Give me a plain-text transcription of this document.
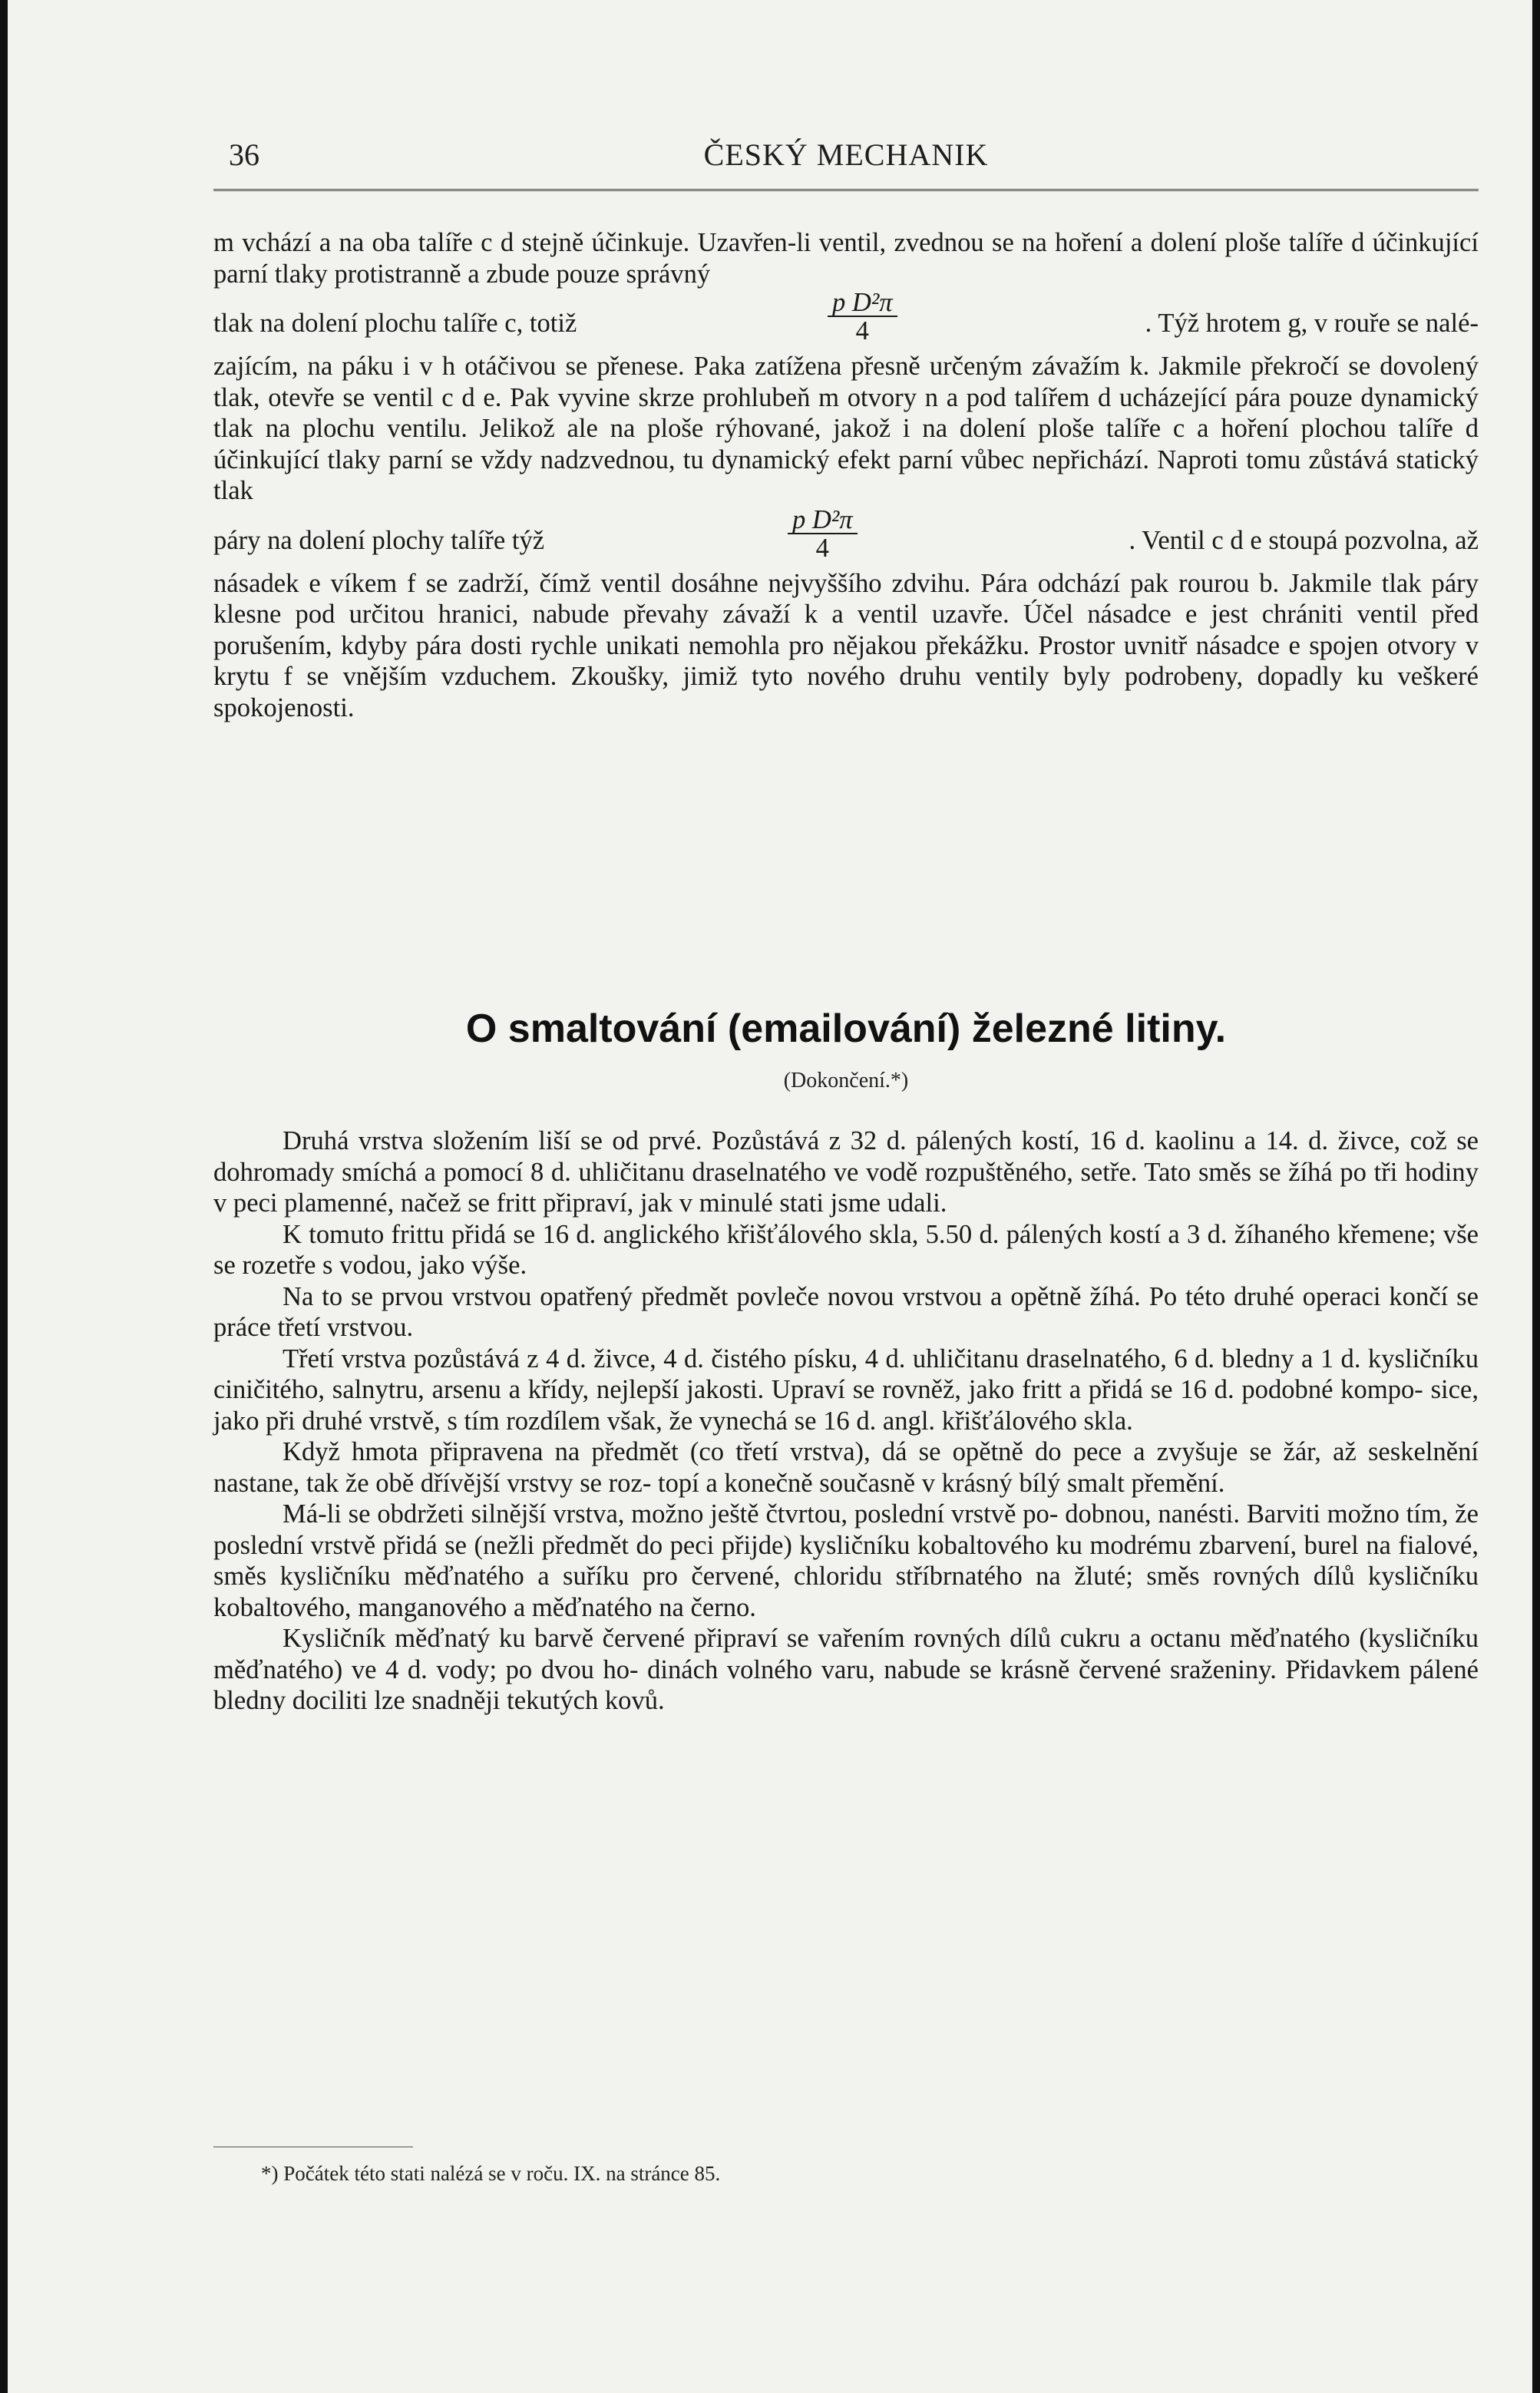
36	ČESKÝ MECHANIK

m vchází a na oba talíře c d stejně účinkuje. Uzavřen-li ventil, zvednou se na hoření a dolení ploše talíře d účinkující parní tlaky protistranně a zbude pouze správný

tlak na dolení plochu talíře c, totiž
p D²π
4	. Týž hrotem g, v rouře se nalé-

zajícím, na páku i v h otáčivou se přenese. Paka zatížena přesně určeným závažím k. Jakmile překročí se dovolený tlak, otevře se ventil c d e. Pak vyvine skrze prohlubeň m otvory n a pod talířem d ucházející pára pouze dynamický tlak na plochu ventilu. Jelikož ale na ploše rýhované, jakož i na dolení ploše talíře c a hoření plochou talíře d účinkující tlaky parní se vždy nadzvednou, tu dynamický efekt parní vůbec nepřichází. Naproti tomu zůstává statický tlak

páry na dolení plochy talíře týž
p D²π
4	. Ventil c d e stoupá pozvolna, až

násadek e víkem f se zadrží, čímž ventil dosáhne nejvyššího zdvihu. Pára odchází pak rourou b. Jakmile tlak páry klesne pod určitou hranici, nabude převahy závaží k a ventil uzavře. Účel násadce e jest chrániti ventil před porušením, kdyby pára dosti rychle unikati nemohla pro nějakou překážku. Prostor uvnitř násadce e spojen otvory v krytu f se vnějším vzduchem. Zkoušky, jimiž tyto nového druhu ventily byly podrobeny, dopadly ku veškeré spokojenosti.

O smaltování (emailování) železné litiny.
(Dokončení.*)

Druhá vrstva složením liší se od prvé. Pozůstává z 32 d. pálených kostí, 16 d. kaolinu a 14. d. živce, což se dohromady smíchá a pomocí 8 d. uhličitanu draselnatého ve vodě rozpuštěného, setře. Tato směs se žíhá po tři hodiny v peci plamenné, načež se fritt připraví, jak v minulé stati jsme udali.

K tomuto frittu přidá se 16 d. anglického křišťálového skla, 5.50 d. pálených kostí a 3 d. žíhaného křemene; vše se rozetře s vodou, jako výše.

Na to se prvou vrstvou opatřený předmět povleče novou vrstvou a opětně žíhá. Po této druhé operaci končí se práce třetí vrstvou.

Třetí vrstva pozůstává z 4 d. živce, 4 d. čistého písku, 4 d. uhličitanu draselnatého, 6 d. bledny a 1 d. kysličníku ciničitého, salnytru, arsenu a křídy, nejlepší jakosti. Upraví se rovněž, jako fritt a přidá se 16 d. podobné kompo- sice, jako při druhé vrstvě, s tím rozdílem však, že vynechá se 16 d. angl. křišťálového skla.

Když hmota připravena na předmět (co třetí vrstva), dá se opětně do pece a zvyšuje se žár, až seskelnění nastane, tak že obě dřívější vrstvy se roz- topí a konečně současně v krásný bílý smalt přemění.

Má-li se obdržeti silnější vrstva, možno ještě čtvrtou, poslední vrstvě po- dobnou, nanésti. Barviti možno tím, že poslední vrstvě přidá se (nežli předmět do peci přijde) kysličníku kobaltového ku modrému zbarvení, burel na fialové, směs kysličníku měďnatého a suříku pro červené, chloridu stříbrnatého na žluté; směs rovných dílů kysličníku kobaltového, manganového a měďnatého na černo.

Kysličník měďnatý ku barvě červené připraví se vařením rovných dílů cukru a octanu měďnatého (kysličníku měďnatého) ve 4 d. vody; po dvou ho- dinách volného varu, nabude se krásně červené sraženiny. Přidavkem pálené bledny dociliti lze snadněji tekutých kovů.

*) Počátek této stati nalézá se v roču. IX. na stránce 85.
